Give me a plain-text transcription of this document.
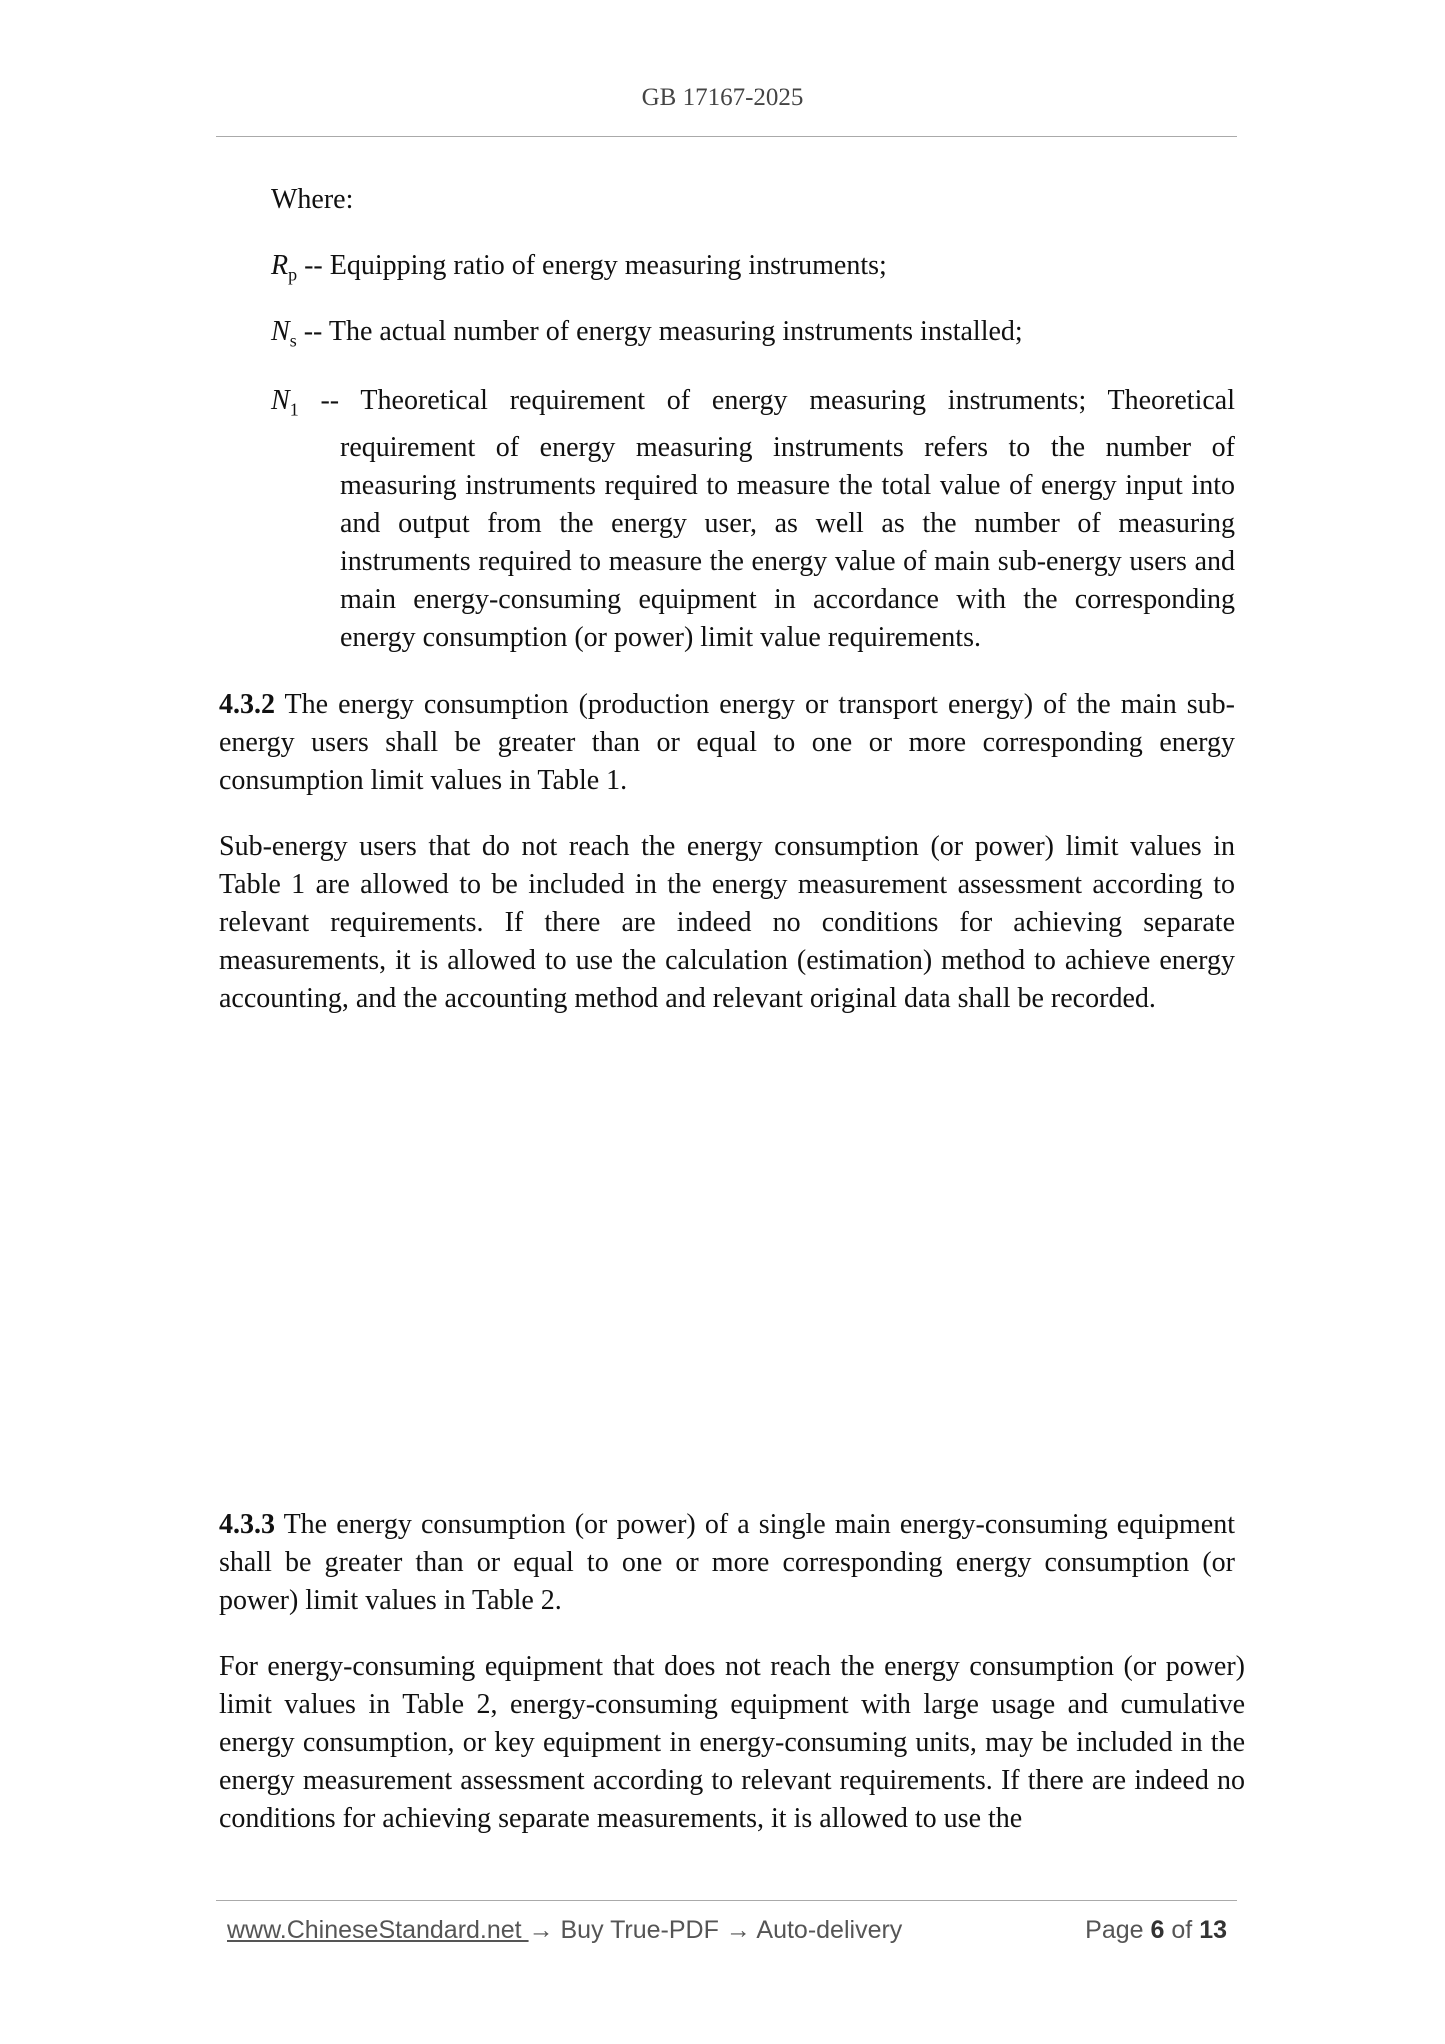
GB 17167-2025
Where:
$R_p$ -- Equipping ratio of energy measuring instruments;
$N_s$ -- The actual number of energy measuring instruments installed;
$N_1$ -- Theoretical requirement of energy measuring instruments; Theoretical
requirement of energy measuring instruments refers to the number of measuring instruments required to measure the total value of energy input into and output from the energy user, as well as the number of measuring instruments required to measure the energy value of main sub-energy users and main energy-consuming equipment in accordance with the corresponding energy consumption (or power) limit value requirements.
4.3.2 The energy consumption (production energy or transport energy) of the main sub-energy users shall be greater than or equal to one or more corresponding energy consumption limit values in Table 1.
Sub-energy users that do not reach the energy consumption (or power) limit values in Table 1 are allowed to be included in the energy measurement assessment according to relevant requirements. If there are indeed no conditions for achieving separate measurements, it is allowed to use the calculation (estimation) method to achieve energy accounting, and the accounting method and relevant original data shall be recorded.
4.3.3 The energy consumption (or power) of a single main energy-consuming equipment shall be greater than or equal to one or more corresponding energy consumption (or power) limit values in Table 2.
For energy-consuming equipment that does not reach the energy consumption (or power) limit values in Table 2, energy-consuming equipment with large usage and cumulative energy consumption, or key equipment in energy-consuming units, may be included in the energy measurement assessment according to relevant requirements. If there are indeed no conditions for achieving separate measurements, it is allowed to use the
www.ChineseStandard.net → Buy True-PDF → Auto-delivery	Page 6 of 13
